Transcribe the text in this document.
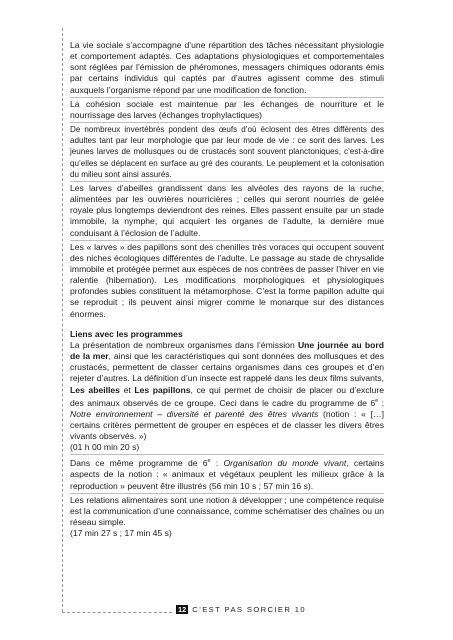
La vie sociale s’accompagne d’une répartition des tâches nécessitant physiologie et comportement adaptés. Ces adaptations physiologiques et comportementales sont réglées par l’émission de phéromones, messagers chimiques odorants émis par certains individus qui captés par d’autres agissent comme des stimuli auxquels l’organisme répond par une modification de fonction.

La cohésion sociale est maintenue par les échanges de nourriture et le nourrissage des larves (échanges trophylactiques)

De nombreux invertébrés pondent des œufs d’où éclosent des êtres différents des adultes tant par leur morphologie que par leur mode de vie : ce sont des larves. Les jeunes larves de mollusques ou de crustacés sont souvent planctoniques, c’est-à-dire qu’elles se déplacent en surface au gré des courants. Le peuplement et la colonisation du milieu sont ainsi assurés.

Les larves d’abeilles grandissent dans les alvéoles des rayons de la ruche, alimentées par les ouvrières nourricières ; celles qui seront nourries de gelée royale plus longtemps deviendront des reines. Elles passent ensuite par un stade immobile, la nymphe, qui acquiert les organes de l’adulte, la dernière mue conduisant à l’éclosion de l’adulte.

Les « larves » des papillons sont des chenilles très voraces qui occupent souvent des niches écologiques différentes de l’adulte. Le passage au stade de chrysalide immobile et protégée permet aux espèces de nos contrées de passer l’hiver en vie ralentie (hibernation). Les modifications morphologiques et physiologiques profondes subies constituent la métamorphose. C’est la forme papillon adulte qui se reproduit ; ils peuvent ainsi migrer comme le monarque sur des distances énormes.

Liens avec les programmes

La présentation de nombreux organismes dans l’émission Une journée au bord de la mer, ainsi que les caractéristiques qui sont données des mollusques et des crustacés, permettent de classer certains organismes dans ces groupes et d’en rejeter d’autres. La définition d’un insecte est rappelé dans les deux films suivants, Les abeilles et Les papillons, ce qui permet de choisir de placer ou d’exclure des animaux observés de ce groupe. Ceci dans le cadre du programme de 6e : Notre environnement – diversité et parenté des êtres vivants (notion : « […] certains critères permettent de grouper en espèces et de classer les divers êtres vivants observés. »)
(01 h 00 min 20 s)

Dans ce même programme de 6e : Organisation du monde vivant, certains aspects de la notion : « animaux et végétaux peuplent les milieux grâce à la reproduction » peuvent être illustrés (56 min 10 s ; 57 min 16 s).

Les relations alimentaires sont une notion à développer ; une compétence requise est la communication d’une connaissance, comme schématiser des chaînes ou un réseau simple.
(17 min 27 s ; 17 min 45 s)

12 C’EST PAS SORCIER 10
